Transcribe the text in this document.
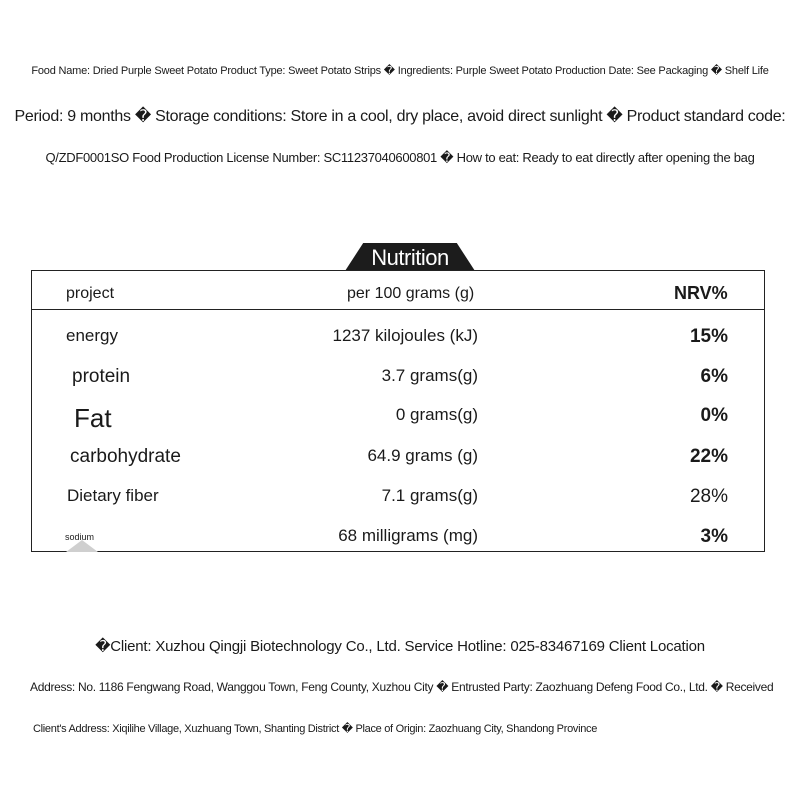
Food Name: Dried Purple Sweet Potato Product Type: Sweet Potato Strips � Ingredients: Purple Sweet Potato Production Date: See Packaging � Shelf Life
Period: 9 months � Storage conditions: Store in a cool, dry place, avoid direct sunlight � Product standard code:
Q/ZDF0001SO Food Production License Number: SC11237040600801 � How to eat: Ready to eat directly after opening the bag
Nutrition
project	per 100 grams (g)	NRV%
energy	1237 kilojoules (kJ)	15%
protein	3.7 grams(g)	6%
Fat	0 grams(g)	0%
carbohydrate	64.9 grams (g)	22%
Dietary fiber	7.1 grams(g)	28%
sodium	68 milligrams (mg)	3%
�Client: Xuzhou Qingji Biotechnology Co., Ltd. Service Hotline: 025-83467169 Client Location
Address: No. 1186 Fengwang Road, Wanggou Town, Feng County, Xuzhou City � Entrusted Party: Zaozhuang Defeng Food Co., Ltd. � Received
Client's Address: Xiqilihe Village, Xuzhuang Town, Shanting District � Place of Origin: Zaozhuang City, Shandong Province
